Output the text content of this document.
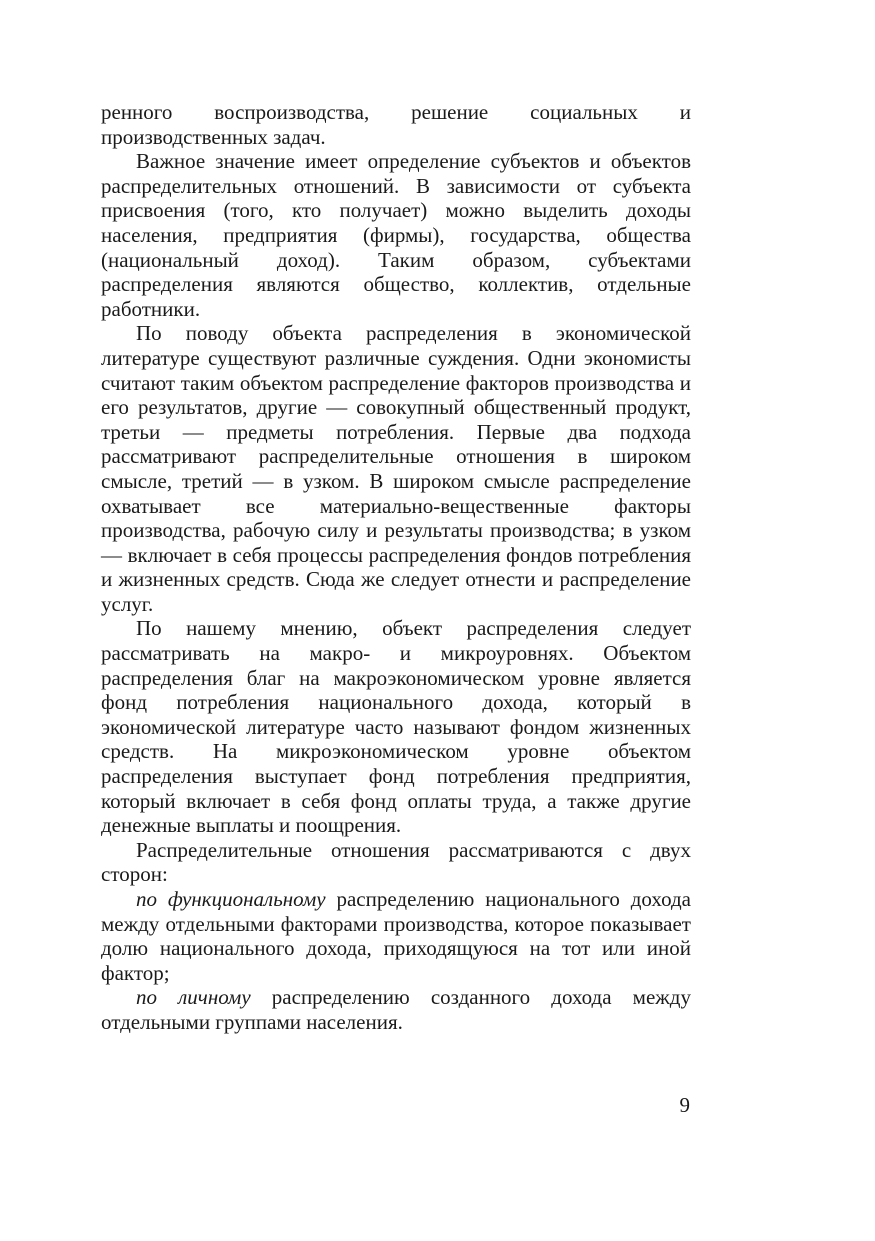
ренного воспроизводства, решение социальных и производственных задач.

Важное значение имеет определение субъектов и объектов распределительных отношений. В зависимости от субъекта присвоения (того, кто получает) можно выделить доходы населения, предприятия (фирмы), государства, общества (национальный доход). Таким образом, субъектами распределения являются общество, коллектив, отдельные работники.

По поводу объекта распределения в экономической литературе существуют различные суждения. Одни экономисты считают таким объектом распределение факторов производства и его результатов, другие — совокупный общественный продукт, третьи — предметы потребления. Первые два подхода рассматривают распределительные отношения в широком смысле, третий — в узком. В широком смысле распределение охватывает все материально-вещественные факторы производства, рабочую силу и результаты производства; в узком — включает в себя процессы распределения фондов потребления и жизненных средств. Сюда же следует отнести и распределение услуг.

По нашему мнению, объект распределения следует рассматривать на макро- и микроуровнях. Объектом распределения благ на макроэкономическом уровне является фонд потребления национального дохода, который в экономической литературе часто называют фондом жизненных средств. На микроэкономическом уровне объектом распределения выступает фонд потребления предприятия, который включает в себя фонд оплаты труда, а также другие денежные выплаты и поощрения.

Распределительные отношения рассматриваются с двух сторон:

по функциональному распределению национального дохода между отдельными факторами производства, которое показывает долю национального дохода, приходящуюся на тот или иной фактор;

по личному распределению созданного дохода между отдельными группами населения.

9
